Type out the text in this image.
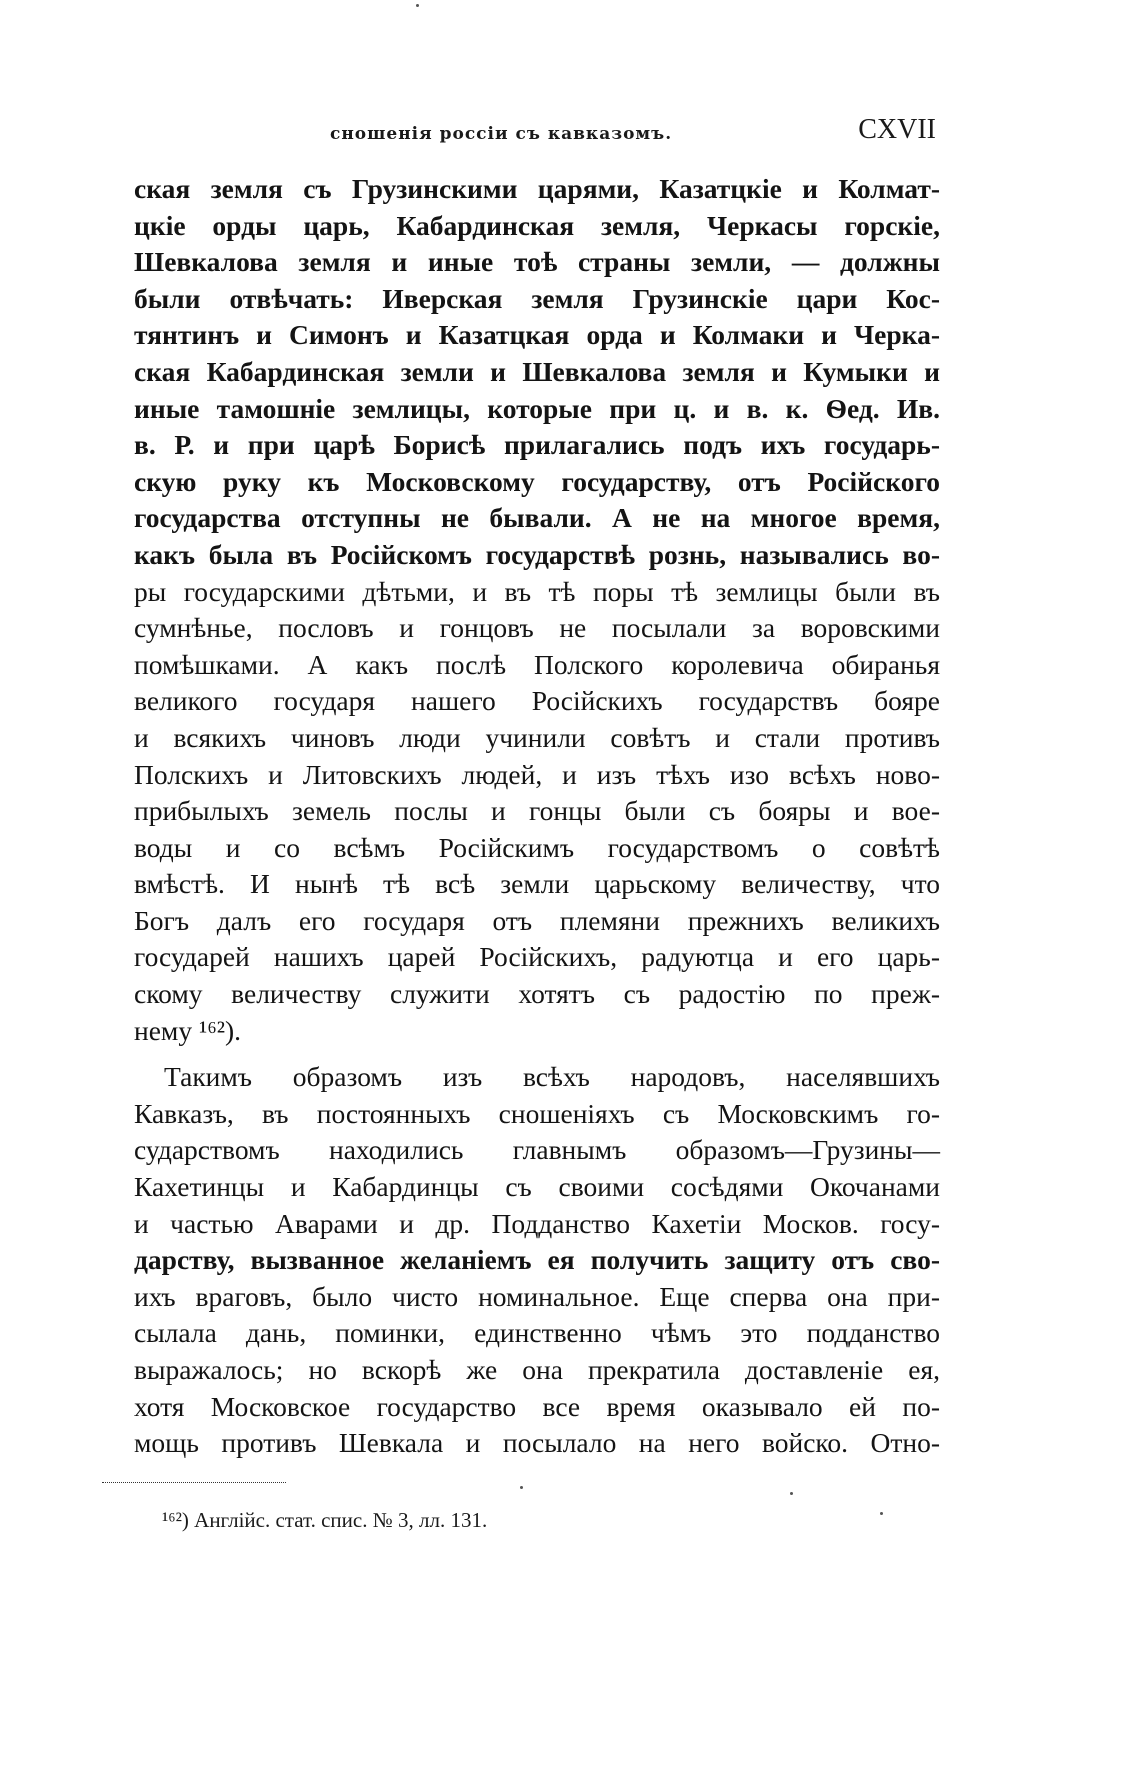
сношенія россіи съ кавказомъ.	CXVII
ская земля съ Грузинскими царями, Казатцкіе и Колмат-
цкіе орды царь, Кабардинская земля, Черкасы горскіе,
Шевкалова земля и иные тоѣ страны земли, — должны
были отвѣчать: Иверская земля Грузинскіе цари Кос-
тянтинъ и Симонъ и Казатцкая орда и Колмаки и Черка-
ская Кабардинская земли и Шевкалова земля и Кумыки и
иные тамошніе землицы, которые при ц. и в. к. Ѳед. Ив.
в. Р. и при царѣ Борисѣ прилагались подъ ихъ государь-
скую руку къ Московскому государству, отъ Російского
государства отступны не бывали. А не на многое время,
какъ была въ Російскомъ государствѣ рознь, назывались во-
ры государскими дѣтьми, и въ тѣ поры тѣ землицы были въ
сумнѣнье, пословъ и гонцовъ не посылали за воровскими
помѣшками. А какъ послѣ Полского королевича обиранья
великого государя нашего Російскихъ государствъ бояре
и всякихъ чиновъ люди учинили совѣтъ и стали противъ
Полскихъ и Литовскихъ людей, и изъ тѣхъ изо всѣхъ ново-
прибылыхъ земель послы и гонцы были съ бояры и вое-
воды и со всѣмъ Російскимъ государствомъ о совѣтѣ
вмѣстѣ. И нынѣ тѣ всѣ земли царьскому величеству, что
Богъ далъ его государя отъ племяни прежнихъ великихъ
государей нашихъ царей Російскихъ, радуютца и его царь-
скому величеству служити хотятъ съ радостію по преж-
нему ¹⁶²).
Такимъ образомъ изъ всѣхъ народовъ, населявшихъ
Кавказъ, въ постоянныхъ сношеніяхъ съ Московскимъ го-
сударствомъ находились главнымъ образомъ—Грузины—
Кахетинцы и Кабардинцы съ своими сосѣдями Окочанами
и частью Аварами и др. Подданство Кахетіи Москов. госу-
дарству, вызванное желаніемъ ея получить защиту отъ сво-
ихъ враговъ, было чисто номинальное. Еще сперва она при-
сылала дань, поминки, единственно чѣмъ это подданство
выражалось; но вскорѣ же она прекратила доставленіе ея,
хотя Московское государство все время оказывало ей по-
мощь противъ Шевкала и посылало на него войско. Отно-
¹⁶²) Англійс. стат. спис. № 3, лл. 131.
